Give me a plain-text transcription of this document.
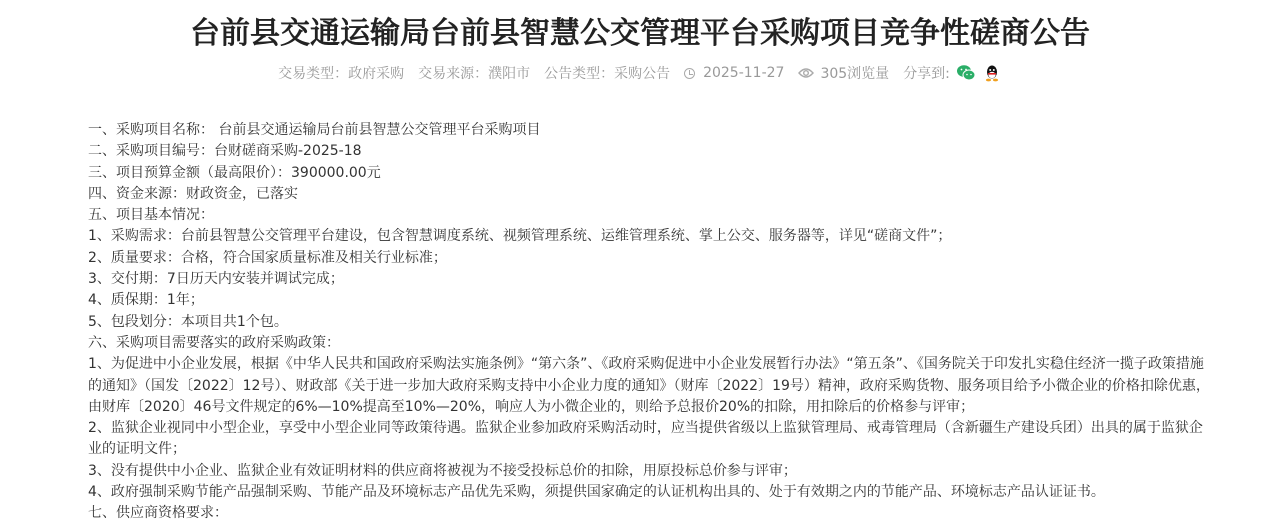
台前县交通运输局台前县智慧公交管理平台采购项目竞争性磋商公告
交易类型：政府采购 交易来源：濮阳市 公告类型：采购公告 2025-11-27	305浏览量 分享到:

一、采购项目名称： 台前县交通运输局台前县智慧公交管理平台采购项目

二、采购项目编号：台财磋商采购-2025-18

三、项目预算金额（最高限价）：390000.00元

四、资金来源：财政资金，已落实

五、项目基本情况：

1、采购需求：台前县智慧公交管理平台建设，包含智慧调度系统、视频管理系统、运维管理系统、掌上公交、服务器等，详见“磋商文件”；

2、质量要求：合格，符合国家质量标准及相关行业标准；

3、交付期：7日历天内安装并调试完成；

4、质保期：1年；

5、包段划分：本项目共1个包。

六、采购项目需要落实的政府采购政策：

1、为促进中小企业发展，根据《中华人民共和国政府采购法实施条例》“第六条”、《政府采购促进中小企业发展暂行办法》“第五条”、《国务院关于印发扎实稳住经济一揽子政策措施的通知》（国发〔2022〕12号）、财政部《关于进一步加大政府采购支持中小企业力度的通知》（财库〔2022〕19号）精神，政府采购货物、服务项目给予小微企业的价格扣除优惠，由财库〔2020〕46号文件规定的6%—10%提高至10%—20%，响应人为小微企业的，则给予总报价20%的扣除，用扣除后的价格参与评审；

2、监狱企业视同中小型企业，享受中小型企业同等政策待遇。监狱企业参加政府采购活动时，应当提供省级以上监狱管理局、戒毒管理局（含新疆生产建设兵团）出具的属于监狱企业的证明文件；

3、没有提供中小企业、监狱企业有效证明材料的供应商将被视为不接受投标总价的扣除，用原投标总价参与评审；

4、政府强制采购节能产品强制采购、节能产品及环境标志产品优先采购，须提供国家确定的认证机构出具的、处于有效期之内的节能产品、环境标志产品认证证书。

七、供应商资格要求：
